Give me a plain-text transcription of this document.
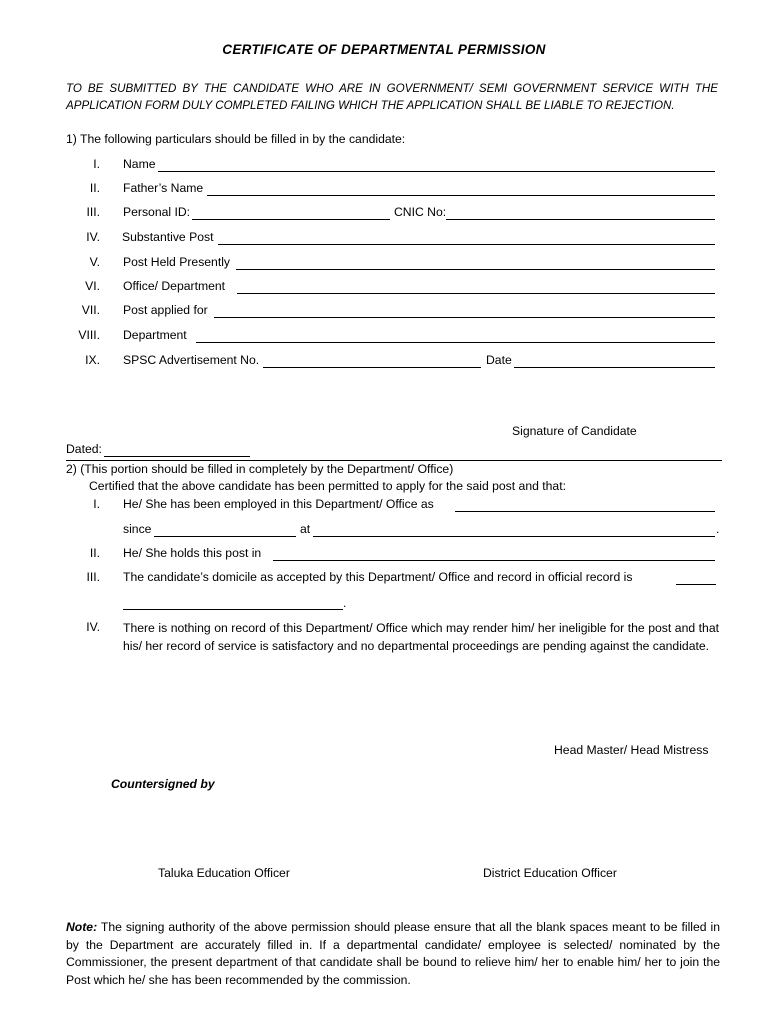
CERTIFICATE OF DEPARTMENTAL PERMISSION
TO BE SUBMITTED BY THE CANDIDATE WHO ARE IN GOVERNMENT/ SEMI GOVERNMENT SERVICE WITH THE APPLICATION FORM DULY COMPLETED FAILING WHICH THE APPLICATION SHALL BE LIABLE TO REJECTION.
1) The following particulars should be filled in by the candidate:
I. Name
II. Father’s Name
III. Personal ID:	CNIC No:
IV. Substantive Post
V. Post Held Presently
VI. Office/ Department
VII. Post applied for
VIII. Department
IX. SPSC Advertisement No.	Date
Signature of Candidate
Dated:
2) (This portion should be filled in completely by the Department/ Office)
Certified that the above candidate has been permitted to apply for the said post and that:
I. He/ She has been employed in this Department/ Office as
since	at	.
II. He/ She holds this post in
III. The candidate’s domicile as accepted by this Department/ Office and record in official record is
.
IV. There is nothing on record of this Department/ Office which may render him/ her ineligible for the post and that his/ her record of service is satisfactory and no departmental proceedings are pending against the candidate.
Head Master/ Head Mistress
Countersigned by
Taluka Education Officer	District Education Officer
Note: The signing authority of the above permission should please ensure that all the blank spaces meant to be filled in by the Department are accurately filled in. If a departmental candidate/ employee is selected/ nominated by the Commissioner, the present department of that candidate shall be bound to relieve him/ her to enable him/ her to join the Post which he/ she has been recommended by the commission.
